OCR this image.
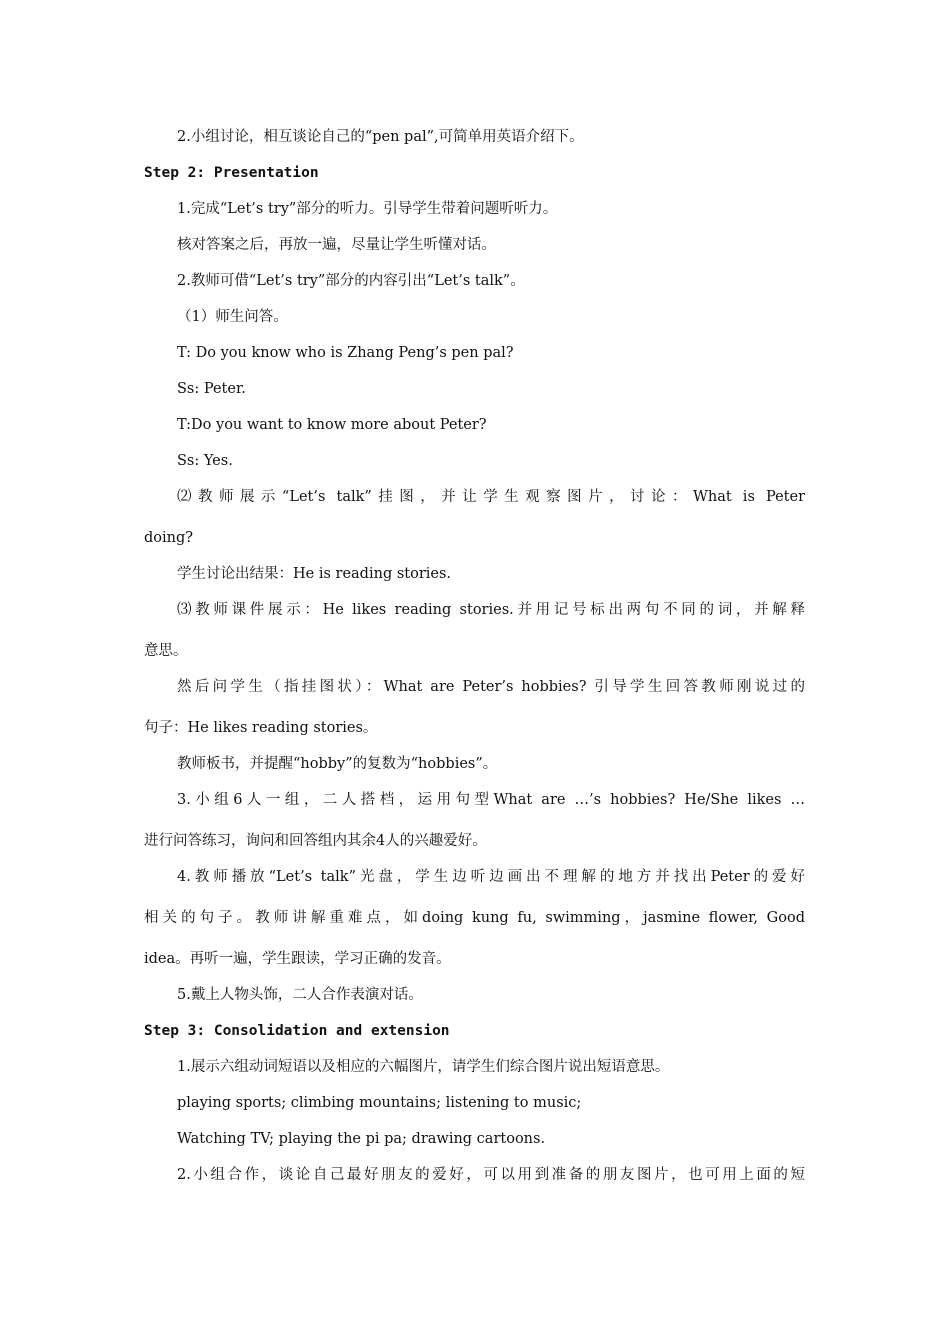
2.小组讨论，相互谈论自己的“pen pal”,可简单用英语介绍下。
Step 2: Presentation
1.完成“Let’s try”部分的听力。引导学生带着问题听听力。
核对答案之后，再放一遍，尽量让学生听懂对话。
2.教师可借“Let’s try”部分的内容引出“Let’s talk”。
（1）师生问答。
T: Do you know who is Zhang Peng’s pen pal?
Ss: Peter.
T:Do you want to know more about Peter?
Ss: Yes.
⑵教师展示“Let’s talk”挂图，并让学生观察图片，讨论：What is Peter
doing?
学生讨论出结果：He is reading stories.
⑶教师课件展示：He likes reading stories.并用记号标出两句不同的词，并解释
意思。
然后问学生（指挂图状）：What are Peter’s hobbies? 引导学生回答教师刚说过的
句子：He likes reading stories。
教师板书，并提醒“hobby”的复数为“hobbies”。
3.小组6人一组，二人搭档，运用句型What are …’s hobbies? He/She likes …
进行问答练习，询问和回答组内其余4人的兴趣爱好。
4.教师播放“Let’s talk”光盘，学生边听边画出不理解的地方并找出Peter的爱好
相关的句子。教师讲解重难点，如doing kung fu, swimming，jasmine flower, Good
idea。再听一遍，学生跟读，学习正确的发音。
5.戴上人物头饰，二人合作表演对话。
Step 3: Consolidation and extension
1.展示六组动词短语以及相应的六幅图片，请学生们综合图片说出短语意思。
playing sports; climbing mountains; listening to music;
Watching TV; playing the pi pa; drawing cartoons.
2.小组合作，谈论自己最好朋友的爱好，可以用到准备的朋友图片，也可用上面的短
